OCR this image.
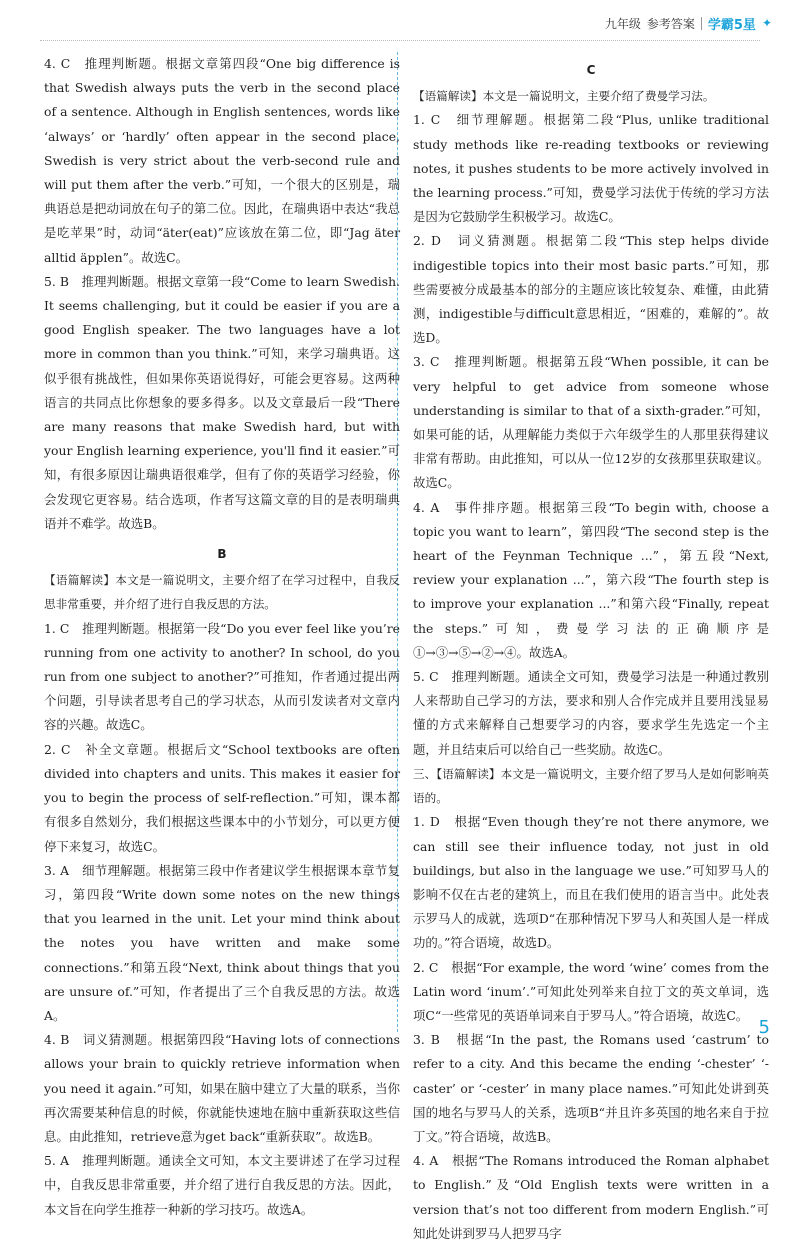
九年级 参考答案 学霸5星 ✦

4. C　推理判断题。根据文章第四段“One big difference is that Swedish always puts the verb in the second place of a sentence. Although in English sentences, words like ‘always’ or ‘hardly’ often appear in the second place, Swedish is very strict about the verb-second rule and will put them after the verb.”可知，一个很大的区别是，瑞典语总是把动词放在句子的第二位。因此，在瑞典语中表达“我总是吃苹果”时，动词“äter(eat)”应该放在第二位，即“Jag äter alltid äpplen”。故选C。

5. B　推理判断题。根据文章第一段“Come to learn Swedish. It seems challenging, but it could be easier if you are a good English speaker. The two languages have a lot more in common than you think.”可知，来学习瑞典语。这似乎很有挑战性，但如果你英语说得好，可能会更容易。这两种语言的共同点比你想象的要多得多。以及文章最后一段“There are many reasons that make Swedish hard, but with your English learning experience, you'll find it easier.”可知，有很多原因让瑞典语很难学，但有了你的英语学习经验，你会发现它更容易。结合选项，作者写这篇文章的目的是表明瑞典语并不难学。故选B。

B

【语篇解读】本文是一篇说明文，主要介绍了在学习过程中，自我反思非常重要，并介绍了进行自我反思的方法。

1. C　推理判断题。根据第一段“Do you ever feel like you’re running from one activity to another? In school, do you run from one subject to another?”可推知，作者通过提出两个问题，引导读者思考自己的学习状态，从而引发读者对文章内容的兴趣。故选C。

2. C　补全文章题。根据后文“School textbooks are often divided into chapters and units. This makes it easier for you to begin the process of self-reflection.”可知，课本都有很多自然划分，我们根据这些课本中的小节划分，可以更方便停下来复习，故选C。

3. A　细节理解题。根据第三段中作者建议学生根据课本章节复习，第四段“Write down some notes on the new things that you learned in the unit. Let your mind think about the notes you have written and make some connections.”和第五段“Next, think about things that you are unsure of.”可知，作者提出了三个自我反思的方法。故选A。

4. B　词义猜测题。根据第四段“Having lots of connections allows your brain to quickly retrieve information when you need it again.”可知，如果在脑中建立了大量的联系，当你再次需要某种信息的时候，你就能快速地在脑中重新获取这些信息。由此推知，retrieve意为get back“重新获取”。故选B。

5. A　推理判断题。通读全文可知，本文主要讲述了在学习过程中，自我反思非常重要，并介绍了进行自我反思的方法。因此，本文旨在向学生推荐一种新的学习技巧。故选A。

C

【语篇解读】本文是一篇说明文，主要介绍了费曼学习法。

1. C　细节理解题。根据第二段“Plus, unlike traditional study methods like re-reading textbooks or reviewing notes, it pushes students to be more actively involved in the learning process.”可知，费曼学习法优于传统的学习方法是因为它鼓励学生积极学习。故选C。

2. D　词义猜测题。根据第二段“This step helps divide indigestible topics into their most basic parts.”可知，那些需要被分成最基本的部分的主题应该比较复杂、难懂，由此猜测，indigestible与difficult意思相近，“困难的，难解的”。故选D。

3. C　推理判断题。根据第五段“When possible, it can be very helpful to get advice from someone whose understanding is similar to that of a sixth-grader.”可知，如果可能的话，从理解能力类似于六年级学生的人那里获得建议非常有帮助。由此推知，可以从一位12岁的女孩那里获取建议。故选C。

4. A　事件排序题。根据第三段“To begin with, choose a topic you want to learn”，第四段“The second step is the heart of the Feynman Technique ...”，第五段“Next, review your explanation ...”，第六段“The fourth step is to improve your explanation ...”和第六段“Finally, repeat the steps.”可知，费曼学习法的正确顺序是①→③→⑤→②→④。故选A。

5. C　推理判断题。通读全文可知，费曼学习法是一种通过教别人来帮助自己学习的方法，要求和别人合作完成并且要用浅显易懂的方式来解释自己想要学习的内容，要求学生先选定一个主题，并且结束后可以给自己一些奖励。故选C。

三、【语篇解读】本文是一篇说明文，主要介绍了罗马人是如何影响英语的。

1. D　根据“Even though they’re not there anymore, we can still see their influence today, not just in old buildings, but also in the language we use.”可知罗马人的影响不仅在古老的建筑上，而且在我们使用的语言当中。此处表示罗马人的成就，选项D“在那种情况下罗马人和英国人是一样成功的。”符合语境，故选D。

2. C　根据“For example, the word ‘wine’ comes from the Latin word ‘inum’.”可知此处列举来自拉丁文的英文单词，选项C“一些常见的英语单词来自于罗马人。”符合语境，故选C。

3. B　根据“In the past, the Romans used ‘castrum’ to refer to a city. And this became the ending ‘-chester’ ‘-caster’ or ‘-cester’ in many place names.”可知此处讲到英国的地名与罗马人的关系，选项B“并且许多英国的地名来自于拉丁文。”符合语境，故选B。

4. A　根据“The Romans introduced the Roman alphabet to English.”及“Old English texts were written in a version that’s not too different from modern English.”可知此处讲到罗马人把罗马字

5
